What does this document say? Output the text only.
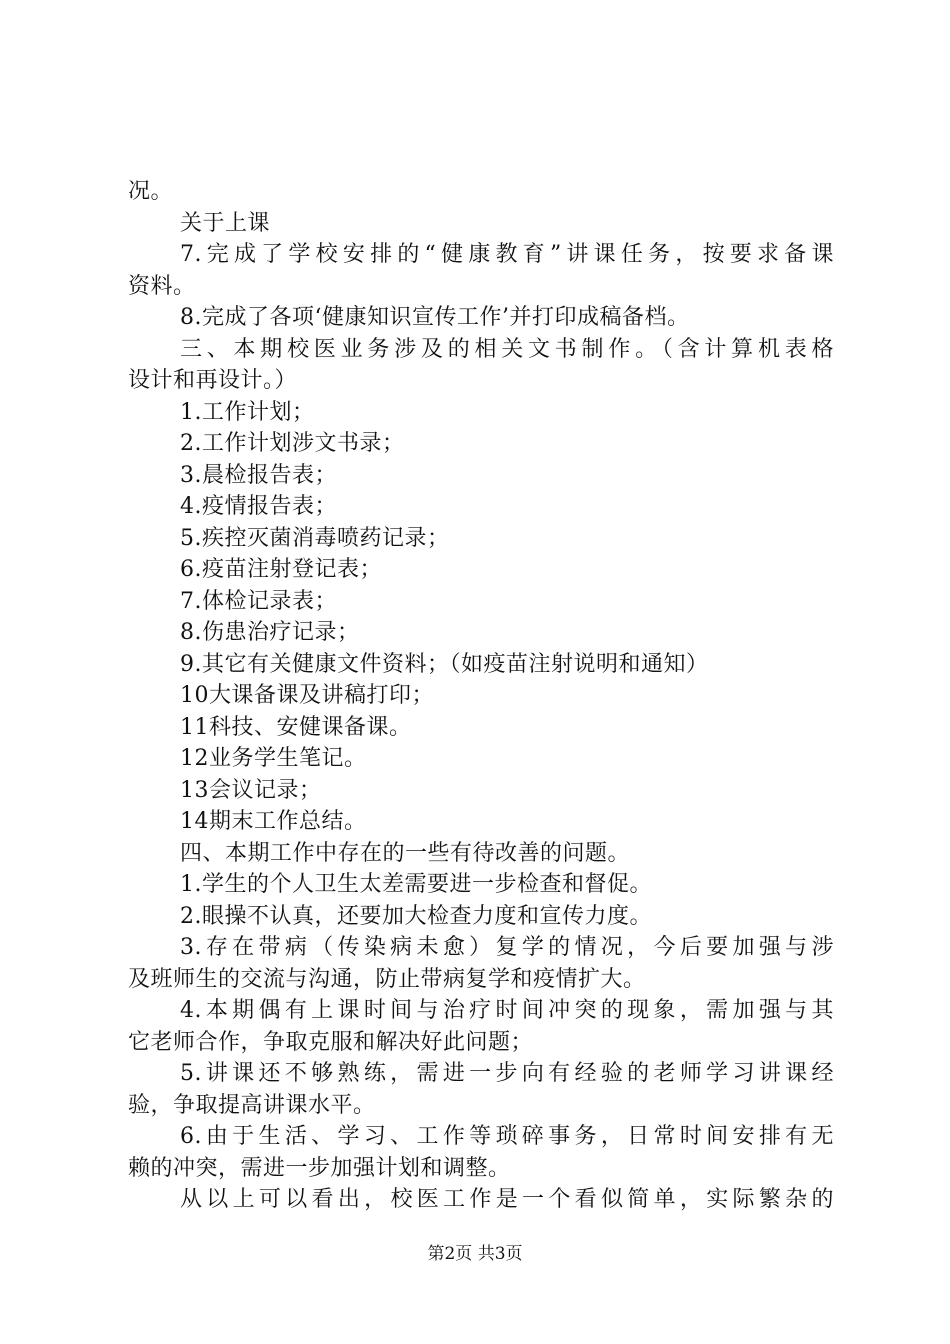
况。
关于上课
7.完成了学校安排的“健康教育”讲课任务，按要求备课
资料。
8.完成了各项‘健康知识宣传工作’并打印成稿备档。
三、本期校医业务涉及的相关文书制作。（含计算机表格
设计和再设计。）
1.工作计划；
2.工作计划涉文书录；
3.晨检报告表；
4.疫情报告表；
5.疾控灭菌消毒喷药记录；
6.疫苗注射登记表；
7.体检记录表；
8.伤患治疗记录；
9.其它有关健康文件资料；（如疫苗注射说明和通知）
10大课备课及讲稿打印；
11科技、安健课备课。
12业务学生笔记。
13会议记录；
14期末工作总结。
四、本期工作中存在的一些有待改善的问题。
1.学生的个人卫生太差需要进一步检查和督促。
2.眼操不认真，还要加大检查力度和宣传力度。
3.存在带病（传染病未愈）复学的情况，今后要加强与涉
及班师生的交流与沟通，防止带病复学和疫情扩大。
4.本期偶有上课时间与治疗时间冲突的现象，需加强与其
它老师合作，争取克服和解决好此问题；
5.讲课还不够熟练，需进一步向有经验的老师学习讲课经
验，争取提高讲课水平。
6.由于生活、学习、工作等琐碎事务，日常时间安排有无
赖的冲突，需进一步加强计划和调整。
从以上可以看出，校医工作是一个看似简单，实际繁杂的
第2页 共3页
